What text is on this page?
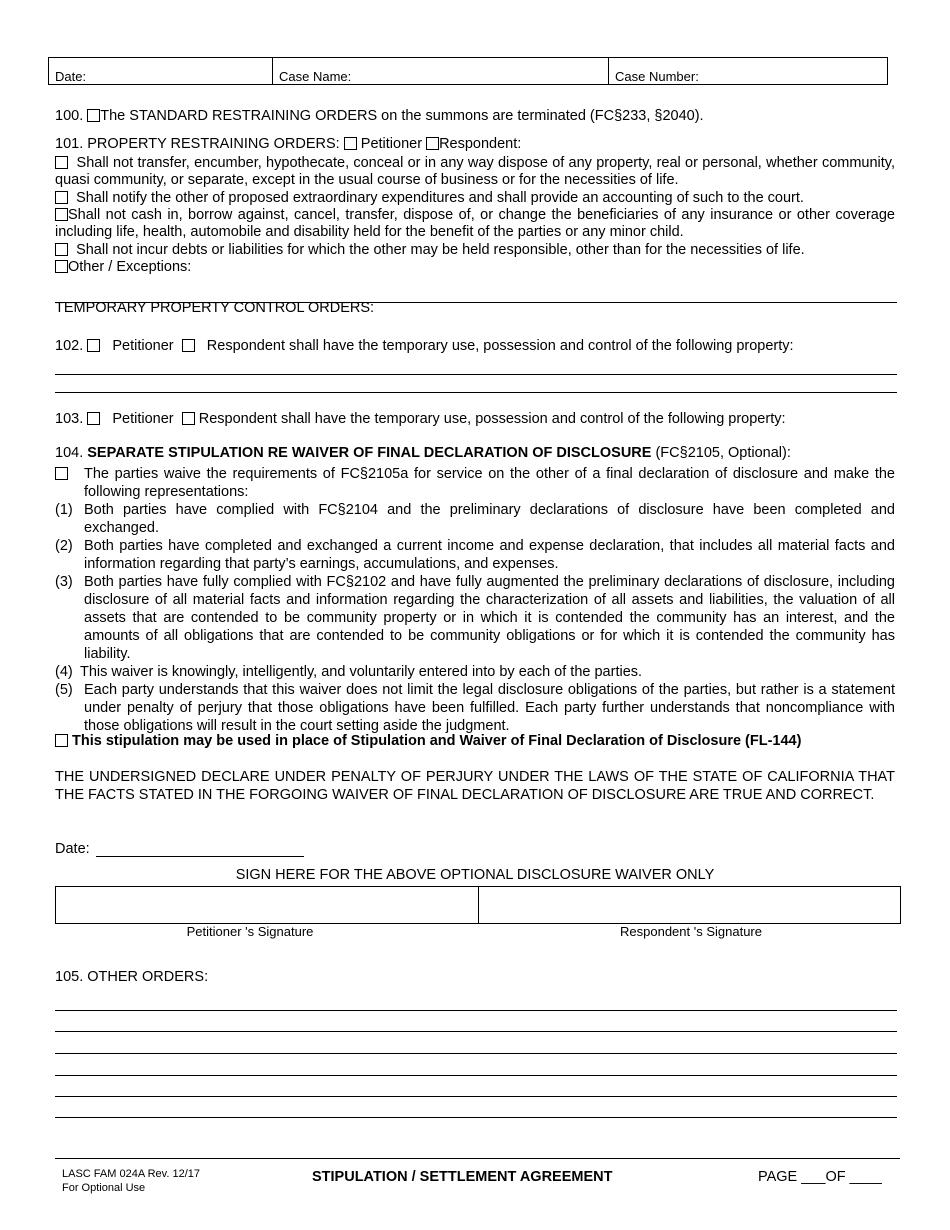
Date:	Case Name:	Case Number:
100. The STANDARD RESTRAINING ORDERS on the summons are terminated (FC§233, §2040).
101. PROPERTY RESTRAINING ORDERS: Petitioner Respondent:
Shall not transfer, encumber, hypothecate, conceal or in any way dispose of any property, real or personal, whether community, quasi community, or separate, except in the usual course of business or for the necessities of life.
Shall notify the other of proposed extraordinary expenditures and shall provide an accounting of such to the court.
Shall not cash in, borrow against, cancel, transfer, dispose of, or change the beneficiaries of any insurance or other coverage including life, health, automobile and disability held for the benefit of the parties or any minor child.
Shall not incur debts or liabilities for which the other may be held responsible, other than for the necessities of life.
Other / Exceptions:
TEMPORARY PROPERTY CONTROL ORDERS:
102. Petitioner Respondent shall have the temporary use, possession and control of the following property:
103. Petitioner Respondent shall have the temporary use, possession and control of the following property:
104. SEPARATE STIPULATION RE WAIVER OF FINAL DECLARATION OF DISCLOSURE (FC§2105, Optional):
The parties waive the requirements of FC§2105a for service on the other of a final declaration of disclosure and make the following representations:
(1) Both parties have complied with FC§2104 and the preliminary declarations of disclosure have been completed and exchanged.
(2) Both parties have completed and exchanged a current income and expense declaration, that includes all material facts and information regarding that party’s earnings, accumulations, and expenses.
(3) Both parties have fully complied with FC§2102 and have fully augmented the preliminary declarations of disclosure, including disclosure of all material facts and information regarding the characterization of all assets and liabilities, the valuation of all assets that are contended to be community property or in which it is contended the community has an interest, and the amounts of all obligations that are contended to be community obligations or for which it is contended the community has liability.
(4) This waiver is knowingly, intelligently, and voluntarily entered into by each of the parties.
(5) Each party understands that this waiver does not limit the legal disclosure obligations of the parties, but rather is a statement under penalty of perjury that those obligations have been fulfilled. Each party further understands that noncompliance with those obligations will result in the court setting aside the judgment.
This stipulation may be used in place of Stipulation and Waiver of Final Declaration of Disclosure (FL-144)
THE UNDERSIGNED DECLARE UNDER PENALTY OF PERJURY UNDER THE LAWS OF THE STATE OF CALIFORNIA THAT THE FACTS STATED IN THE FORGOING WAIVER OF FINAL DECLARATION OF DISCLOSURE ARE TRUE AND CORRECT.
Date:
SIGN HERE FOR THE ABOVE OPTIONAL DISCLOSURE WAIVER ONLY
Petitioner 's Signature	Respondent 's Signature
105. OTHER ORDERS:
LASC FAM 024A Rev. 12/17
For Optional Use
STIPULATION / SETTLEMENT AGREEMENT	PAGE ___OF ____
